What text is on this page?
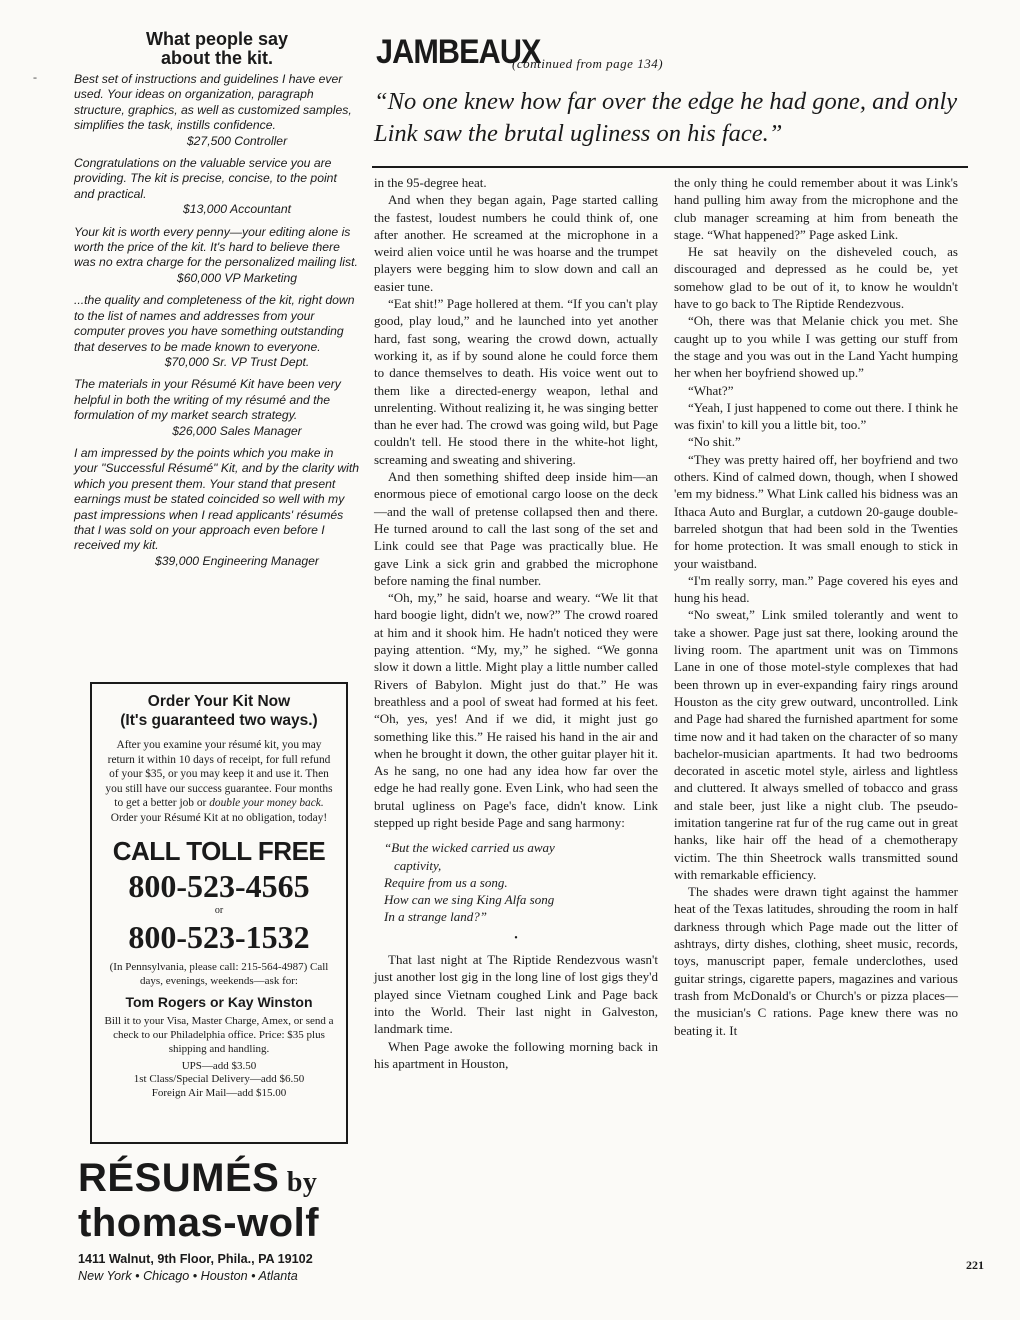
-
What people say
about the kit.

Best set of instructions and guidelines I have ever used. Your ideas on organization, paragraph structure, graphics, as well as customized samples, simplifies the task, instills confidence.
$27,500 Controller

Congratulations on the valuable service you are providing. The kit is precise, concise, to the point and practical.
$13,000 Accountant

Your kit is worth every penny—your editing alone is worth the price of the kit. It's hard to believe there was no extra charge for the personalized mailing list.
$60,000 VP Marketing

...the quality and completeness of the kit, right down to the list of names and addresses from your computer proves you have something outstanding that deserves to be made known to everyone.
$70,000 Sr. VP Trust Dept.

The materials in your Résumé Kit have been very helpful in both the writing of my résumé and the formulation of my market search strategy.
$26,000 Sales Manager

I am impressed by the points which you make in your "Successful Résumé" Kit, and by the clarity with which you present them. Your stand that present earnings must be stated coincided so well with my past impressions when I read applicants' résumés that I was sold on your approach even before I received my kit.
$39,000 Engineering Manager

Order Your Kit Now
(It's guaranteed two ways.)

After you examine your résumé kit, you may return it within 10 days of receipt, for full refund of your $35, or you may keep it and use it. Then you still have our success guarantee. Four months to get a better job or double your money back. Order your Résumé Kit at no obligation, today!

CALL TOLL FREE

800-523-4565

or

800-523-1532

(In Pennsylvania, please call: 215-564-4987) Call days, evenings, weekends—ask for:

Tom Rogers or Kay Winston

Bill it to your Visa, Master Charge, Amex, or send a check to our Philadelphia office. Price: $35 plus shipping and handling.

UPS—add $3.50

1st Class/Special Delivery—add $6.50

Foreign Air Mail—add $15.00

RÉSUMÉS by

thomas-wolf

1411 Walnut, 9th Floor, Phila., PA 19102

New York • Chicago • Houston • Atlanta

JAMBEAUX
(continued from page 134)

“No one knew how far over the edge he had gone, and only Link saw the brutal ugliness on his face.”

in the 95-degree heat.

And when they began again, Page started calling the fastest, loudest numbers he could think of, one after another. He screamed at the microphone in a weird alien voice until he was hoarse and the trumpet players were begging him to slow down and call an easier tune.

“Eat shit!” Page hollered at them. “If you can't play good, play loud,” and he launched into yet another hard, fast song, wearing the crowd down, actually working it, as if by sound alone he could force them to dance themselves to death. His voice went out to them like a directed-energy weapon, lethal and unrelenting. Without realizing it, he was singing better than he ever had. The crowd was going wild, but Page couldn't tell. He stood there in the white-hot light, screaming and sweating and shivering.

And then something shifted deep inside him—an enormous piece of emotional cargo loose on the deck—and the wall of pretense collapsed then and there. He turned around to call the last song of the set and Link could see that Page was practically blue. He gave Link a sick grin and grabbed the microphone before naming the final number.

“Oh, my,” he said, hoarse and weary. “We lit that hard boogie light, didn't we, now?” The crowd roared at him and it shook him. He hadn't noticed they were paying attention. “My, my,” he sighed. “We gonna slow it down a little. Might play a little number called Rivers of Babylon. Might just do that.” He was breathless and a pool of sweat had formed at his feet. “Oh, yes, yes! And if we did, it might just go something like this.” He raised his hand in the air and when he brought it down, the other guitar player hit it. As he sang, no one had any idea how far over the edge he had really gone. Even Link, who had seen the brutal ugliness on Page's face, didn't know. Link stepped up right beside Page and sang harmony:

“But the wicked carried us away
captivity,
Require from us a song.
How can we sing King Alfa song
In a strange land?”
•

That last night at The Riptide Rendezvous wasn't just another lost gig in the long line of lost gigs they'd played since Vietnam coughed Link and Page back into the World. Their last night in Galveston, landmark time.

When Page awoke the following morning back in his apartment in Houston,

the only thing he could remember about it was Link's hand pulling him away from the microphone and the club manager screaming at him from beneath the stage. “What happened?” Page asked Link.

He sat heavily on the disheveled couch, as discouraged and depressed as he could be, yet somehow glad to be out of it, to know he wouldn't have to go back to The Riptide Rendezvous.

“Oh, there was that Melanie chick you met. She caught up to you while I was getting our stuff from the stage and you was out in the Land Yacht humping her when her boyfriend showed up.”

“What?”

“Yeah, I just happened to come out there. I think he was fixin' to kill you a little bit, too.”

“No shit.”

“They was pretty haired off, her boyfriend and two others. Kind of calmed down, though, when I showed 'em my bidness.” What Link called his bidness was an Ithaca Auto and Burglar, a cutdown 20-gauge double-barreled shotgun that had been sold in the Twenties for home protection. It was small enough to stick in your waistband.

“I'm really sorry, man.” Page covered his eyes and hung his head.

“No sweat,” Link smiled tolerantly and went to take a shower. Page just sat there, looking around the living room. The apartment unit was on Timmons Lane in one of those motel-style complexes that had been thrown up in ever-expanding fairy rings around Houston as the city grew outward, uncontrolled. Link and Page had shared the furnished apartment for some time now and it had taken on the character of so many bachelor-musician apartments. It had two bedrooms decorated in ascetic motel style, airless and lightless and cluttered. It always smelled of tobacco and grass and stale beer, just like a night club. The pseudo-imitation tangerine rat fur of the rug came out in great hanks, like hair off the head of a chemotherapy victim. The thin Sheetrock walls transmitted sound with remarkable efficiency.

The shades were drawn tight against the hammer heat of the Texas latitudes, shrouding the room in half darkness through which Page made out the litter of ashtrays, dirty dishes, clothing, sheet music, records, toys, manuscript paper, female underclothes, used guitar strings, cigarette papers, magazines and various trash from McDonald's or Church's or pizza places—the musician's C rations. Page knew there was no beating it. It

221
